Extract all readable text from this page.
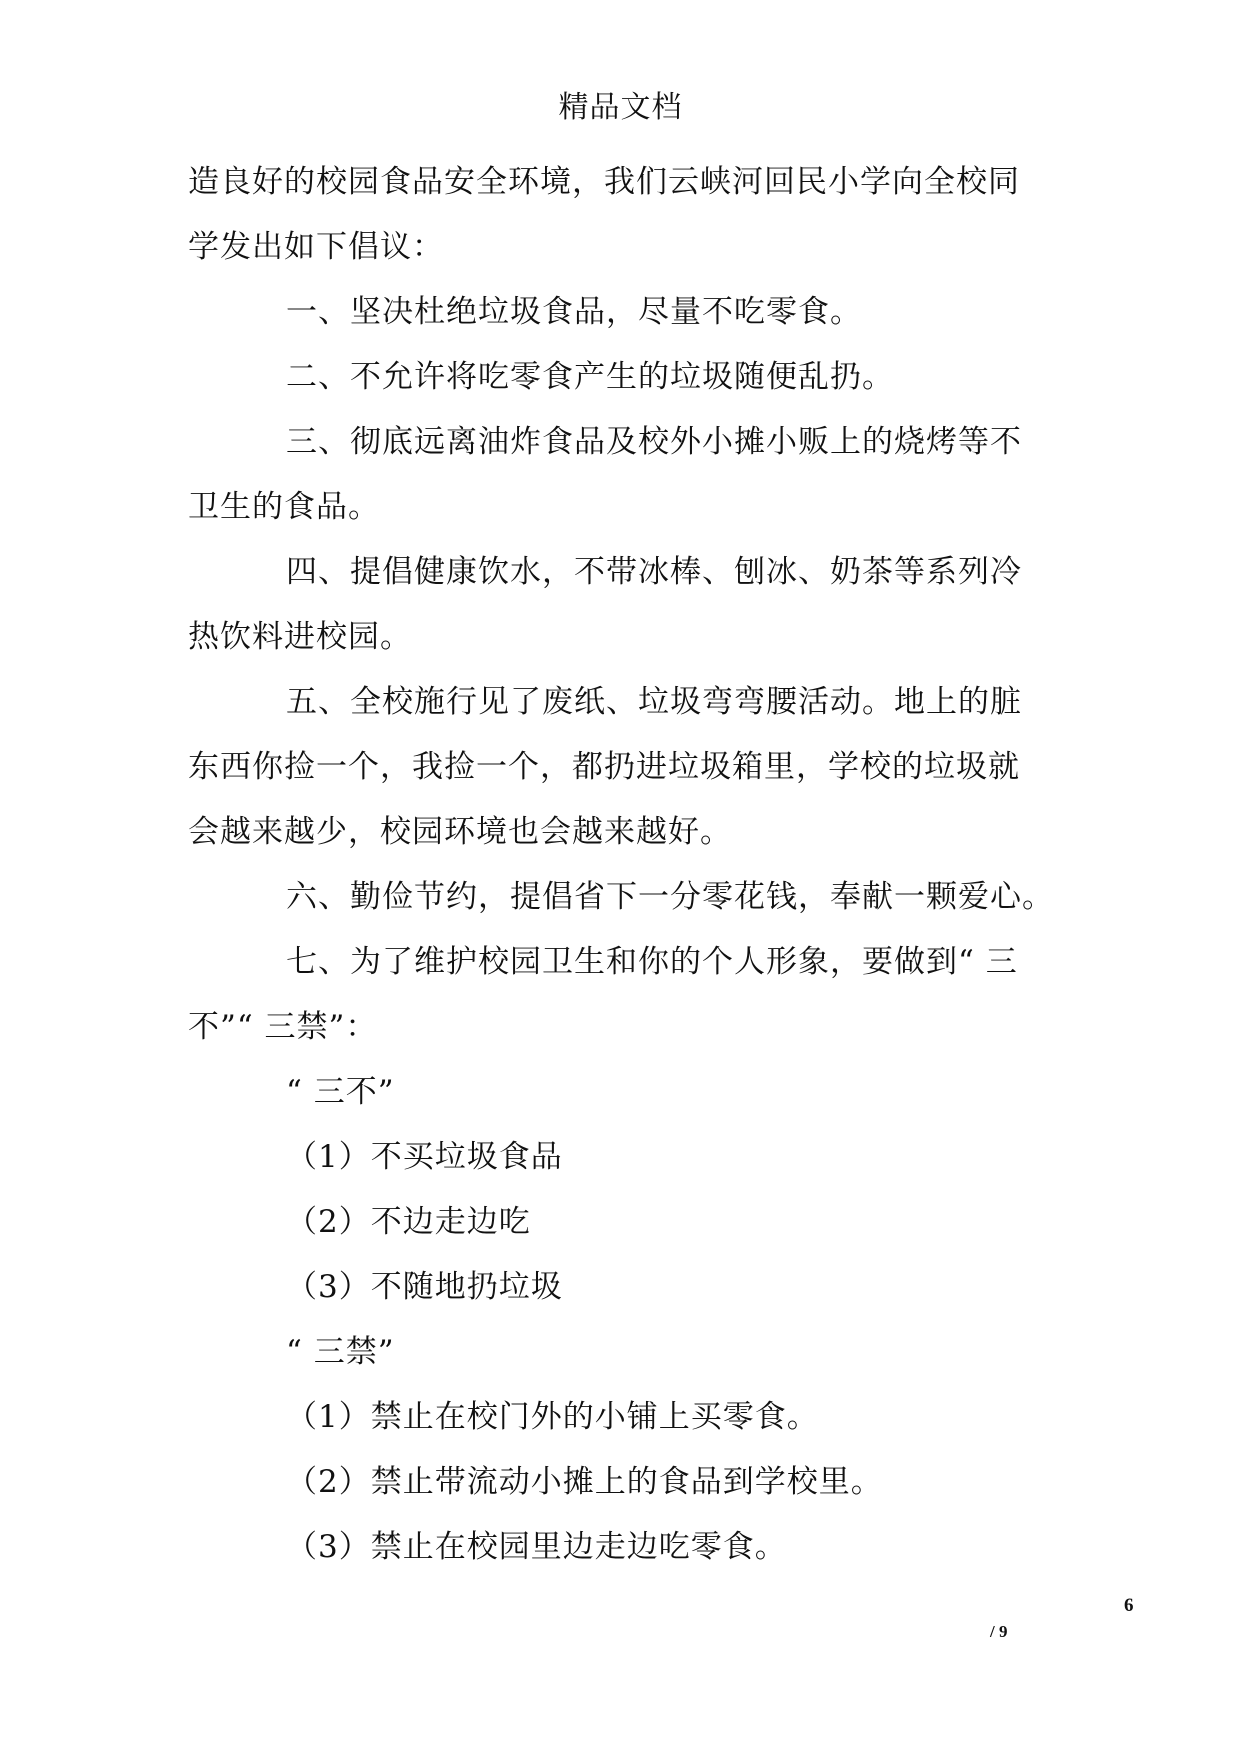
精品文档
造良好的校园食品安全环境，我们云峡河回民小学向全校同
学发出如下倡议：
一、坚决杜绝垃圾食品，尽量不吃零食。
二、不允许将吃零食产生的垃圾随便乱扔。
三、彻底远离油炸食品及校外小摊小贩上的烧烤等不
卫生的食品。
四、提倡健康饮水，不带冰棒、刨冰、奶茶等系列冷
热饮料进校园。
五、全校施行见了废纸、垃圾弯弯腰活动。地上的脏
东西你捡一个，我捡一个，都扔进垃圾箱里，学校的垃圾就
会越来越少，校园环境也会越来越好。
六、勤俭节约，提倡省下一分零花钱，奉献一颗爱心。
七、为了维护校园卫生和你的个人形象，要做到“ 三
不”“ 三禁”：
“ 三不”
（1）不买垃圾食品
（2）不边走边吃
（3）不随地扔垃圾
“ 三禁”
（1）禁止在校门外的小铺上买零食。
（2）禁止带流动小摊上的食品到学校里。
（3）禁止在校园里边走边吃零食。
6
/ 9
